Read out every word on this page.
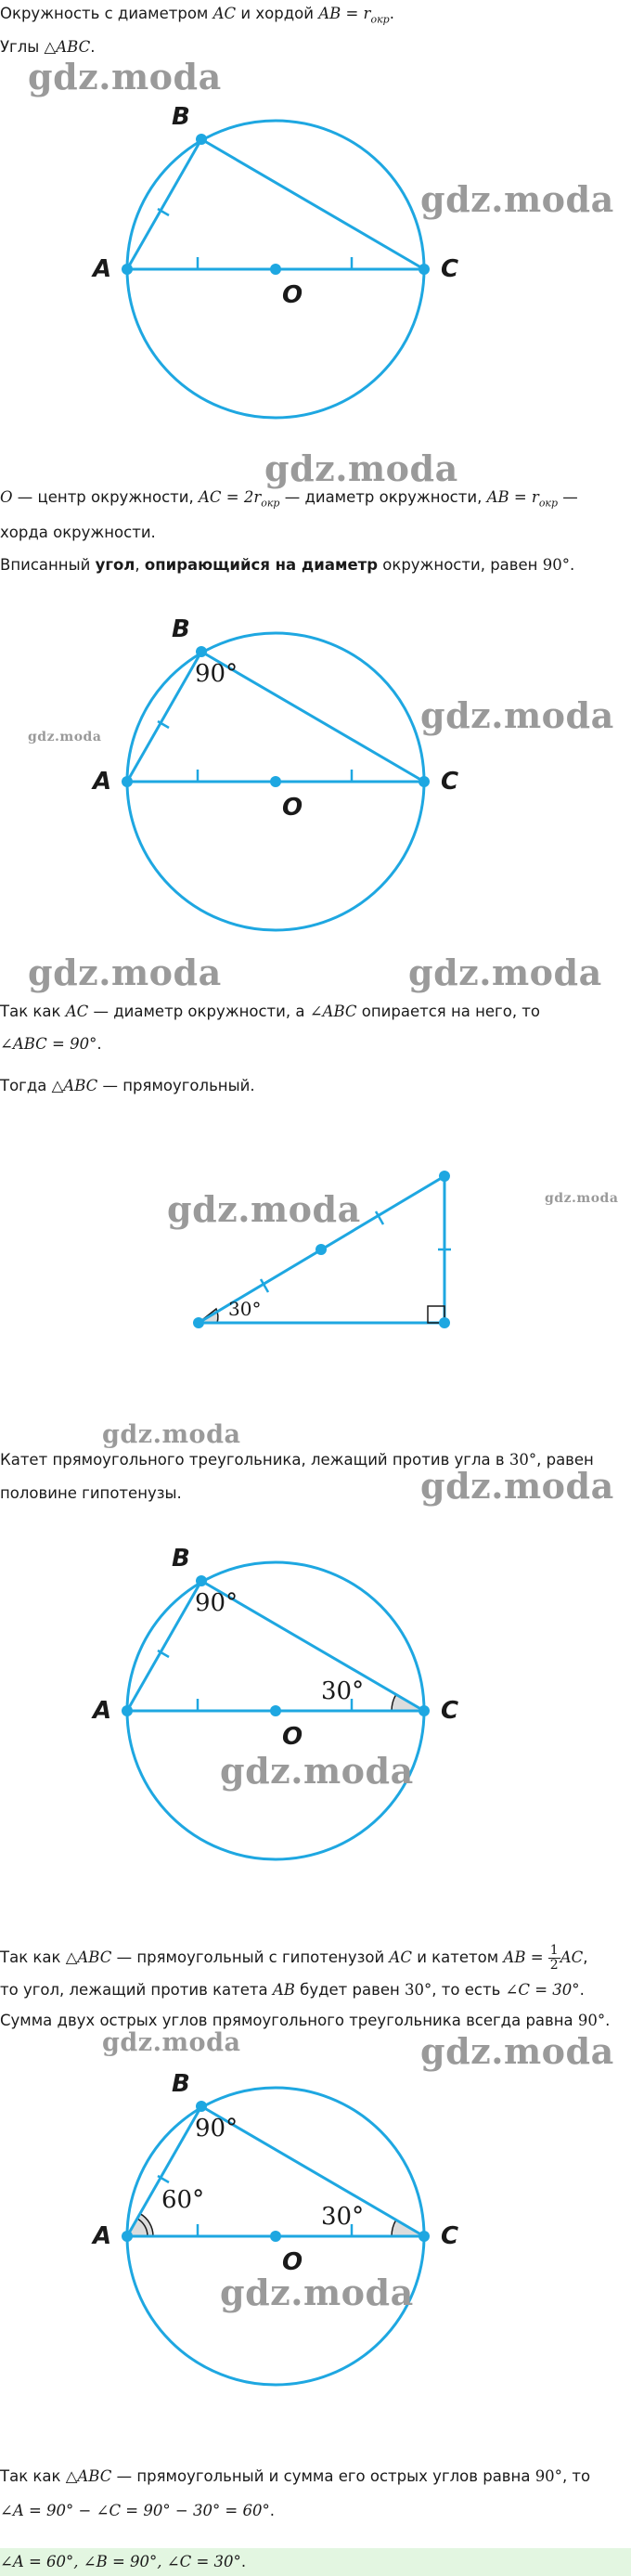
Окружность с диаметром AC и хордой AB = $r_{окр}$.

Углы △ABC.

gdz.moda
gdz.moda
A
B
C
O
gdz.moda

O — центр окружности, AC = $2r_{окр}$ — диаметр окружности, AB = $r_{окр}$ —

хорда окружности.

Вписанный угол, опирающийся на диаметр окружности, равен 90°.

gdz.moda
gdz.moda
A
B
C
O
90°
gdz.moda	gdz.moda

Так как AC — диаметр окружности, а ∠ABC опирается на него, то

∠ABC = 90°.

Тогда △ABC — прямоугольный.

gdz.moda	gdz.moda
30°
gdz.moda

Катет прямоугольного треугольника, лежащий против угла в 30°, равен

половине гипотенузы.	gdz.moda
A
B
C
O
90°
30°
gdz.moda

Так как △ABC — прямоугольный с гипотенузой AC и катетом AB = $\frac{1}{2}$ AC,

то угол, лежащий против катета AB будет равен 30°, то есть ∠C = 30°.

Сумма двух острых углов прямоугольного треугольника всегда равна 90°.

gdz.moda	gdz.moda
A
B
C
O
90°
30°
60°
gdz.moda

Так как △ABC — прямоугольный и сумма его острых углов равна 90°, то

∠A = 90° − ∠C = 90° − 30° = 60°.

∠A = 60°, ∠B = 90°, ∠C = 30°.
